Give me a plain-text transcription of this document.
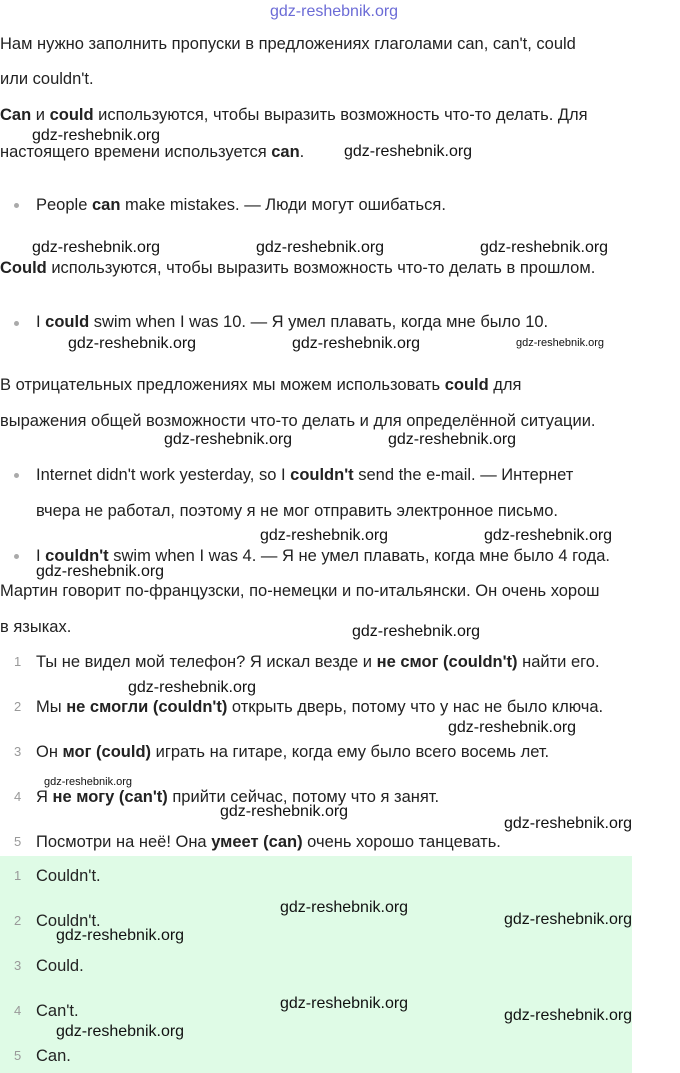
gdz-reshebnik.org
Нам нужно заполнить пропуски в предложениях глаголами can, can't, could
или couldn't.
Can и could используются, чтобы выразить возможность что-то делать. Для
настоящего времени используется can.
People can make mistakes. — Люди могут ошибаться.
Could используются, чтобы выразить возможность что-то делать в прошлом.
I could swim when I was 10. — Я умел плавать, когда мне было 10.
В отрицательных предложениях мы можем использовать could для
выражения общей возможности что-то делать и для определённой ситуации.
Internet didn't work yesterday, so I couldn't send the e-mail. — Интернет
вчера не работал, поэтому я не мог отправить электронное письмо.
I couldn't swim when I was 4. — Я не умел плавать, когда мне было 4 года.
Мартин говорит по-французски, по-немецки и по-итальянски. Он очень хорош
в языках.
1 Ты не видел мой телефон? Я искал везде и не смог (couldn't) найти его.
2 Мы не смогли (couldn't) открыть дверь, потому что у нас не было ключа.
3 Он мог (could) играть на гитаре, когда ему было всего восемь лет.
4 Я не могу (can't) прийти сейчас, потому что я занят.
5 Посмотри на неё! Она умеет (can) очень хорошо танцевать.
1 Couldn't.
2 Couldn't.
3 Could.
4 Can't.
5 Can.
gdz-reshebnik.org
gdz-reshebnik.org
gdz-reshebnik.org	gdz-reshebnik.org	gdz-reshebnik.org
gdz-reshebnik.org	gdz-reshebnik.org	gdz-reshebnik.org
gdz-reshebnik.org	gdz-reshebnik.org
gdz-reshebnik.org	gdz-reshebnik.org
gdz-reshebnik.org
gdz-reshebnik.org
gdz-reshebnik.org
gdz-reshebnik.org
gdz-reshebnik.org
gdz-reshebnik.org
gdz-reshebnik.org
gdz-reshebnik.org
gdz-reshebnik.org
gdz-reshebnik.org
gdz-reshebnik.org
gdz-reshebnik.org
gdz-reshebnik.org
